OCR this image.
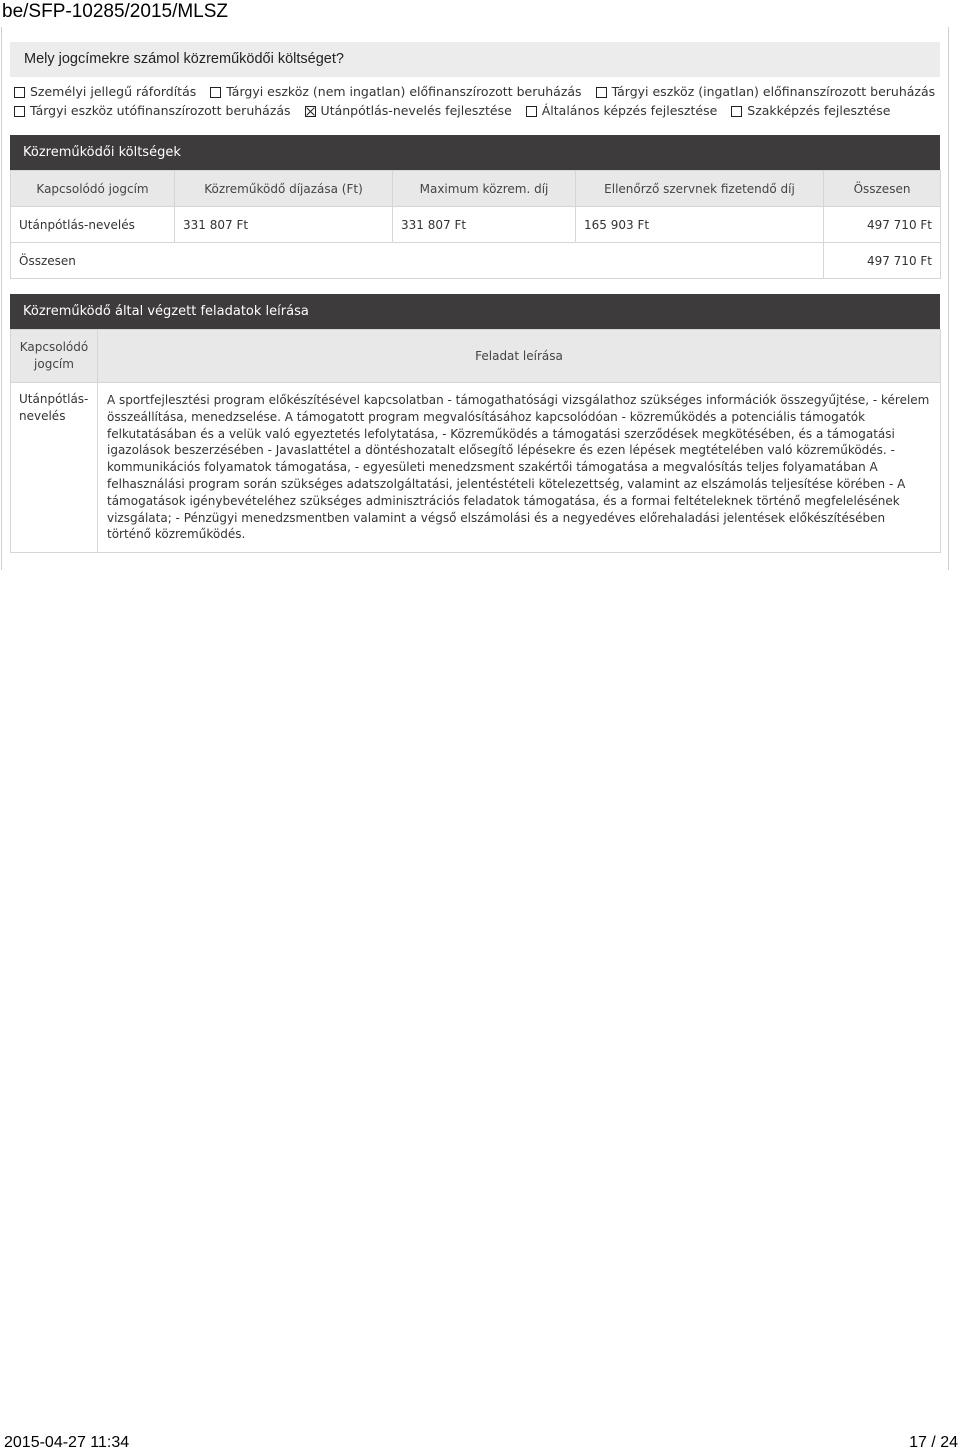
be/SFP-10285/2015/MLSZ
Mely jogcímekre számol közreműködői költséget?
Személyi jellegű ráfordítás Tárgyi eszköz (nem ingatlan) előfinanszírozott beruházás Tárgyi eszköz (ingatlan) előfinanszírozott beruházás
Tárgyi eszköz utófinanszírozott beruházás Utánpótlás-nevelés fejlesztése Általános képzés fejlesztése Szakképzés fejlesztése
Közreműködői költségek
Kapcsolódó jogcím	Közreműködő díjazása (Ft)	Maximum közrem. díj	Ellenőrző szervnek fizetendő díj	Összesen
Utánpótlás-nevelés	331 807 Ft	331 807 Ft	165 903 Ft	497 710 Ft
Összesen				497 710 Ft
Közreműködő által végzett feladatok leírása
Kapcsolódó jogcím	Feladat leírása
Utánpótlás-nevelés	A sportfejlesztési program előkészítésével kapcsolatban - támogathatósági vizsgálathoz szükséges információk összegyűjtése, - kérelem összeállítása, menedzselése. A támogatott program megvalósításához kapcsolódóan - közreműködés a potenciális támogatók felkutatásában és a velük való egyeztetés lefolytatása, - Közreműködés a támogatási szerződések megkötésében, és a támogatási igazolások beszerzésében - Javaslattétel a döntéshozatalt elősegítő lépésekre és ezen lépések megtételében való közreműködés. - kommunikációs folyamatok támogatása, - egyesületi menedzsment szakértői támogatása a megvalósítás teljes folyamatában A felhasználási program során szükséges adatszolgáltatási, jelentéstételi kötelezettség, valamint az elszámolás teljesítése körében - A támogatások igénybevételéhez szükséges adminisztrációs feladatok támogatása, és a formai feltételeknek történő megfelelésének vizsgálata; - Pénzügyi menedzsmentben valamint a végső elszámolási és a negyedéves előrehaladási jelentések előkészítésében történő közreműködés.
2015-04-27 11:34	17 / 24
